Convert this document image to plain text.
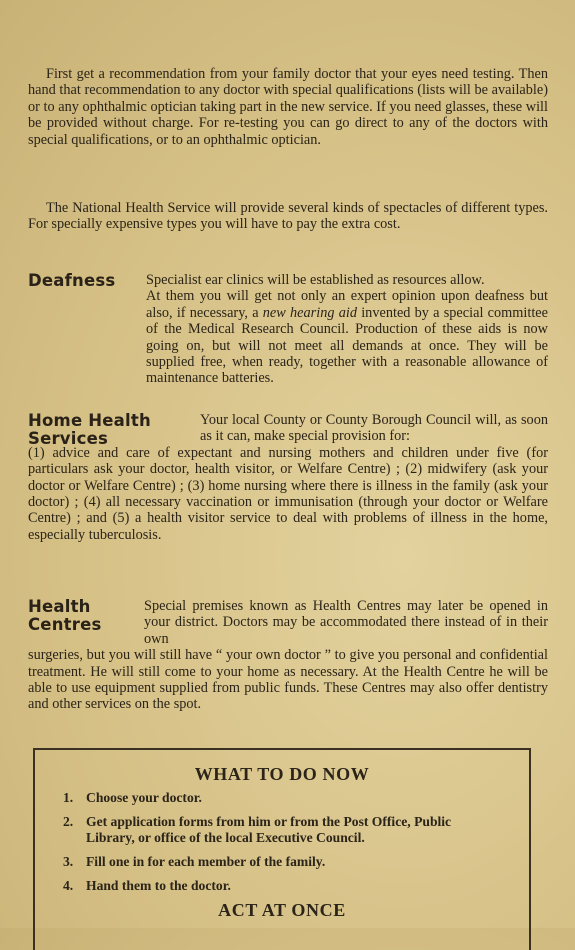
First get a recommendation from your family doctor that your eyes need testing. Then hand that recommendation to any doctor with special qualifications (lists will be available) or to any ophthalmic optician taking part in the new service. If you need glasses, these will be provided without charge. For re-testing you can go direct to any of the doctors with special qualifications, or to an ophthalmic optician.

The National Health Service will provide several kinds of spectacles of different types. For specially expensive types you will have to pay the extra cost.

Deafness Specialist ear clinics will be established as resources allow.

At them you will get not only an expert opinion upon deafness but also, if necessary, a new hearing aid invented by a special committee of the Medical Research Council. Production of these aids is now going on, but will not meet all demands at once. They will be supplied free, when ready, together with a reasonable allowance of maintenance batteries.

Home Health
Services

Your local County or County Borough Council will, as soon as it can, make special provision for:

(1) advice and care of expectant and nursing mothers and children under five (for particulars ask your doctor, health visitor, or Welfare Centre) ; (2) midwifery (ask your doctor or Welfare Centre) ; (3) home nursing where there is illness in the family (ask your doctor) ; (4) all necessary vaccination or immunisation (through your doctor or Welfare Centre) ; and (5) a health visitor service to deal with problems of illness in the home, especially tuberculosis.

Health
Centres

Special premises known as Health Centres may later be opened in your district. Doctors may be accommodated there instead of in their own

surgeries, but you will still have “ your own doctor ” to give you personal and confidential treatment. He will still come to your home as necessary. At the Health Centre he will be able to use equipment supplied from public funds. These Centres may also offer dentistry and other services on the spot.

WHAT TO DO NOW
1. Choose your doctor.
2. Get application forms from him or from the Post Office, Public Library, or office of the local Executive Council.
3. Fill one in for each member of the family.
4. Hand them to the doctor.
ACT AT ONCE
